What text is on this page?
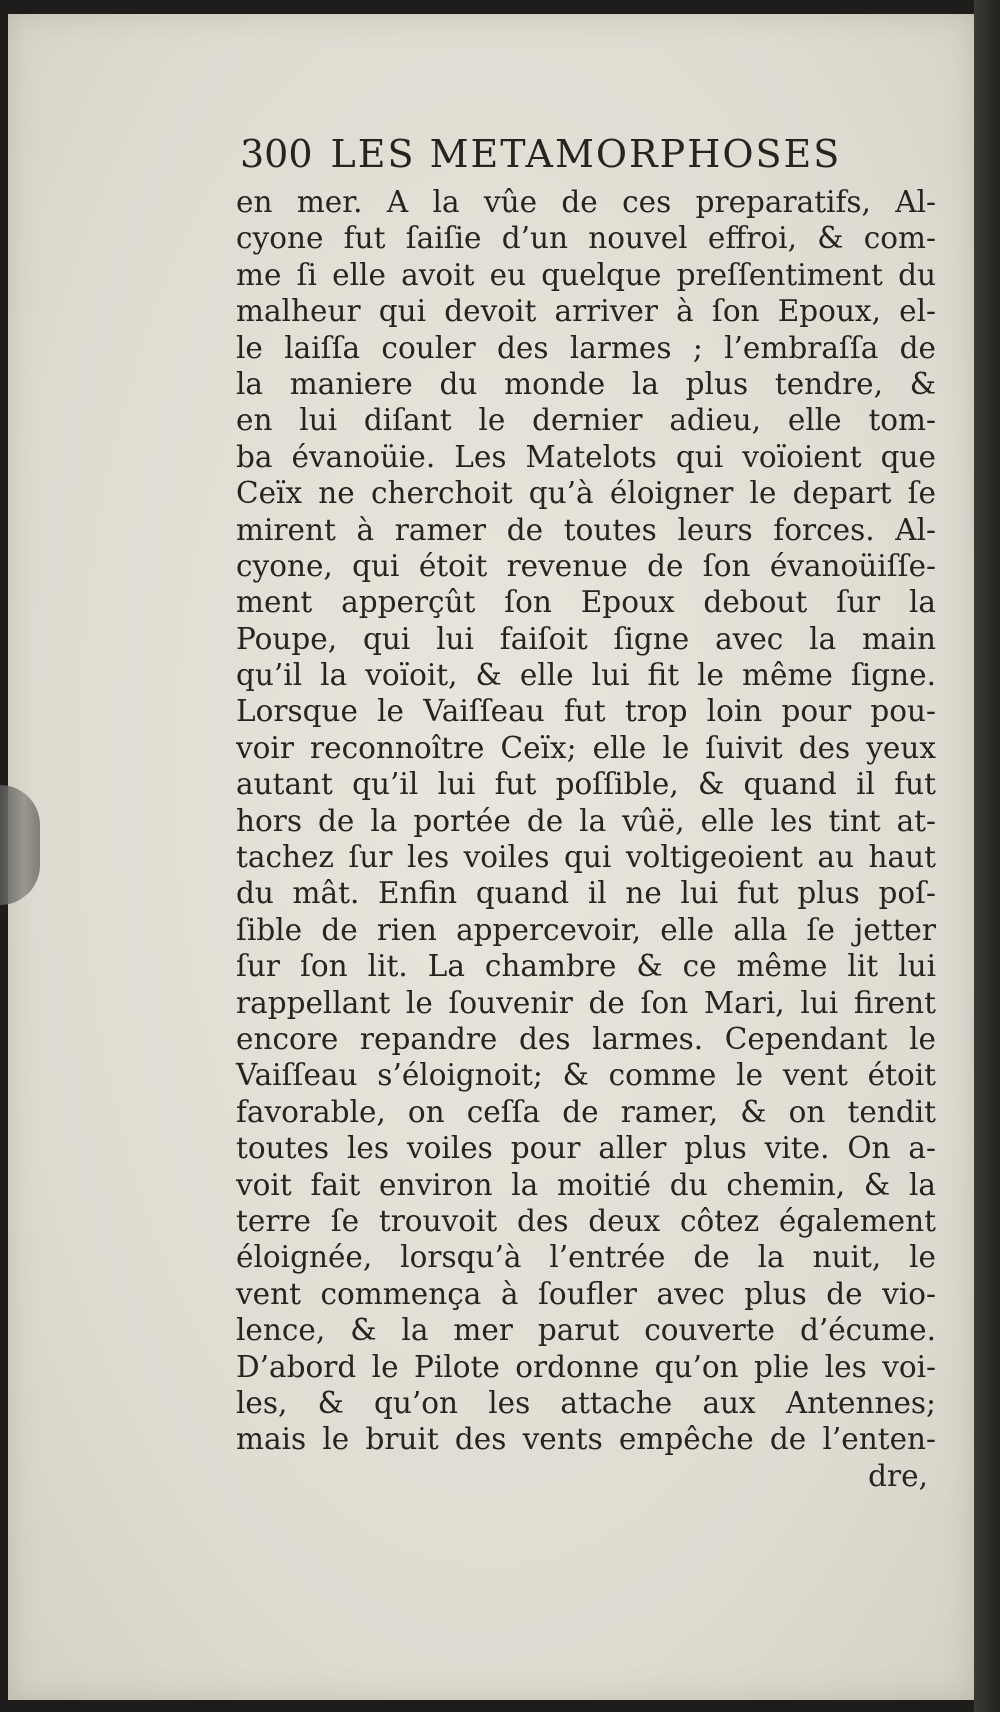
300 LES METAMORPHOSES
en mer. A la vûe de ces preparatifs, Al-
cyone fut ſaiſie d’un nouvel effroi, & com-
me ſi elle avoit eu quelque preſſentiment du
malheur qui devoit arriver à ſon Epoux, el-
le laiſſa couler des larmes ; l’embraſſa de
la maniere du monde la plus tendre, &
en lui diſant le dernier adieu, elle tom-
ba évanoüie. Les Matelots qui voïoient que
Ceïx ne cherchoit qu’à éloigner le depart ſe
mirent à ramer de toutes leurs forces. Al-
cyone, qui étoit revenue de ſon évanoüiſſe-
ment apperçût ſon Epoux debout ſur la
Poupe, qui lui faiſoit ſigne avec la main
qu’il la voïoit, & elle lui fit le même ſigne.
Lorsque le Vaiſſeau fut trop loin pour pou-
voir reconnoître Ceïx; elle le ſuivit des yeux
autant qu’il lui fut poſſible, & quand il fut
hors de la portée de la vûë, elle les tint at-
tachez ſur les voiles qui voltigeoient au haut
du mât. Enfin quand il ne lui fut plus poſ-
ſible de rien appercevoir, elle alla ſe jetter
ſur ſon lit. La chambre & ce même lit lui
rappellant le ſouvenir de ſon Mari, lui firent
encore repandre des larmes. Cependant le
Vaiſſeau s’éloignoit; & comme le vent étoit
favorable, on ceſſa de ramer, & on tendit
toutes les voiles pour aller plus vite. On a-
voit fait environ la moitié du chemin, & la
terre ſe trouvoit des deux côtez également
éloignée, lorsqu’à l’entrée de la nuit, le
vent commença à ſoufler avec plus de vio-
lence, & la mer parut couverte d’écume.
D’abord le Pilote ordonne qu’on plie les voi-
les, & qu’on les attache aux Antennes;
mais le bruit des vents empêche de l’enten-
dre,
